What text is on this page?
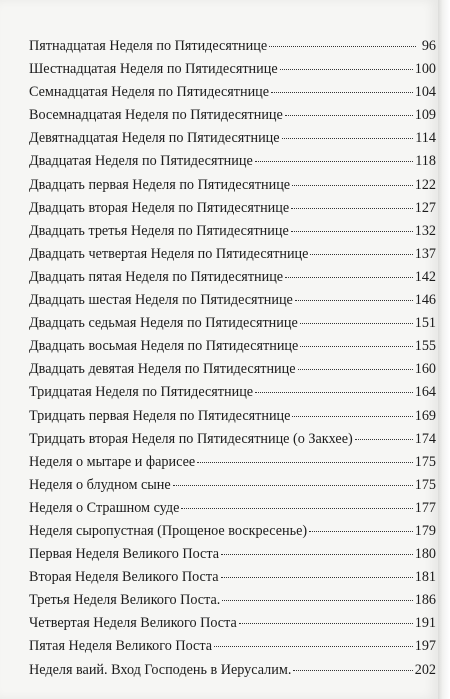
Пятнадцатая Неделя по Пятидесятнице	96
Шестнадцатая Неделя по Пятидесятнице	100
Семнадцатая Неделя по Пятидесятнице	104
Восемнадцатая Неделя по Пятидесятнице	109
Девятнадцатая Неделя по Пятидесятнице	114
Двадцатая Неделя по Пятидесятнице	118
Двадцать первая Неделя по Пятидесятнице	122
Двадцать вторая Неделя по Пятидесятнице	127
Двадцать третья Неделя по Пятидесятнице	132
Двадцать четвертая Неделя по Пятидесятнице	137
Двадцать пятая Неделя по Пятидесятнице	142
Двадцать шестая Неделя по Пятидесятнице	146
Двадцать седьмая Неделя по Пятидесятнице	151
Двадцать восьмая Неделя по Пятидесятнице	155
Двадцать девятая Неделя по Пятидесятнице	160
Тридцатая Неделя по Пятидесятнице	164
Тридцать первая Неделя по Пятидесятнице	169
Тридцать вторая Неделя по Пятидесятнице (о Закхее)	174
Неделя о мытаре и фарисее	175
Неделя о блудном сыне	175
Неделя о Страшном суде	177
Неделя сыропустная (Прощеное воскресенье)	179
Первая Неделя Великого Поста	180
Вторая Неделя Великого Поста	181
Третья Неделя Великого Поста.	186
Четвертая Неделя Великого Поста	191
Пятая Неделя Великого Поста	197
Неделя ваий. Вход Господень в Иерусалим.	202
